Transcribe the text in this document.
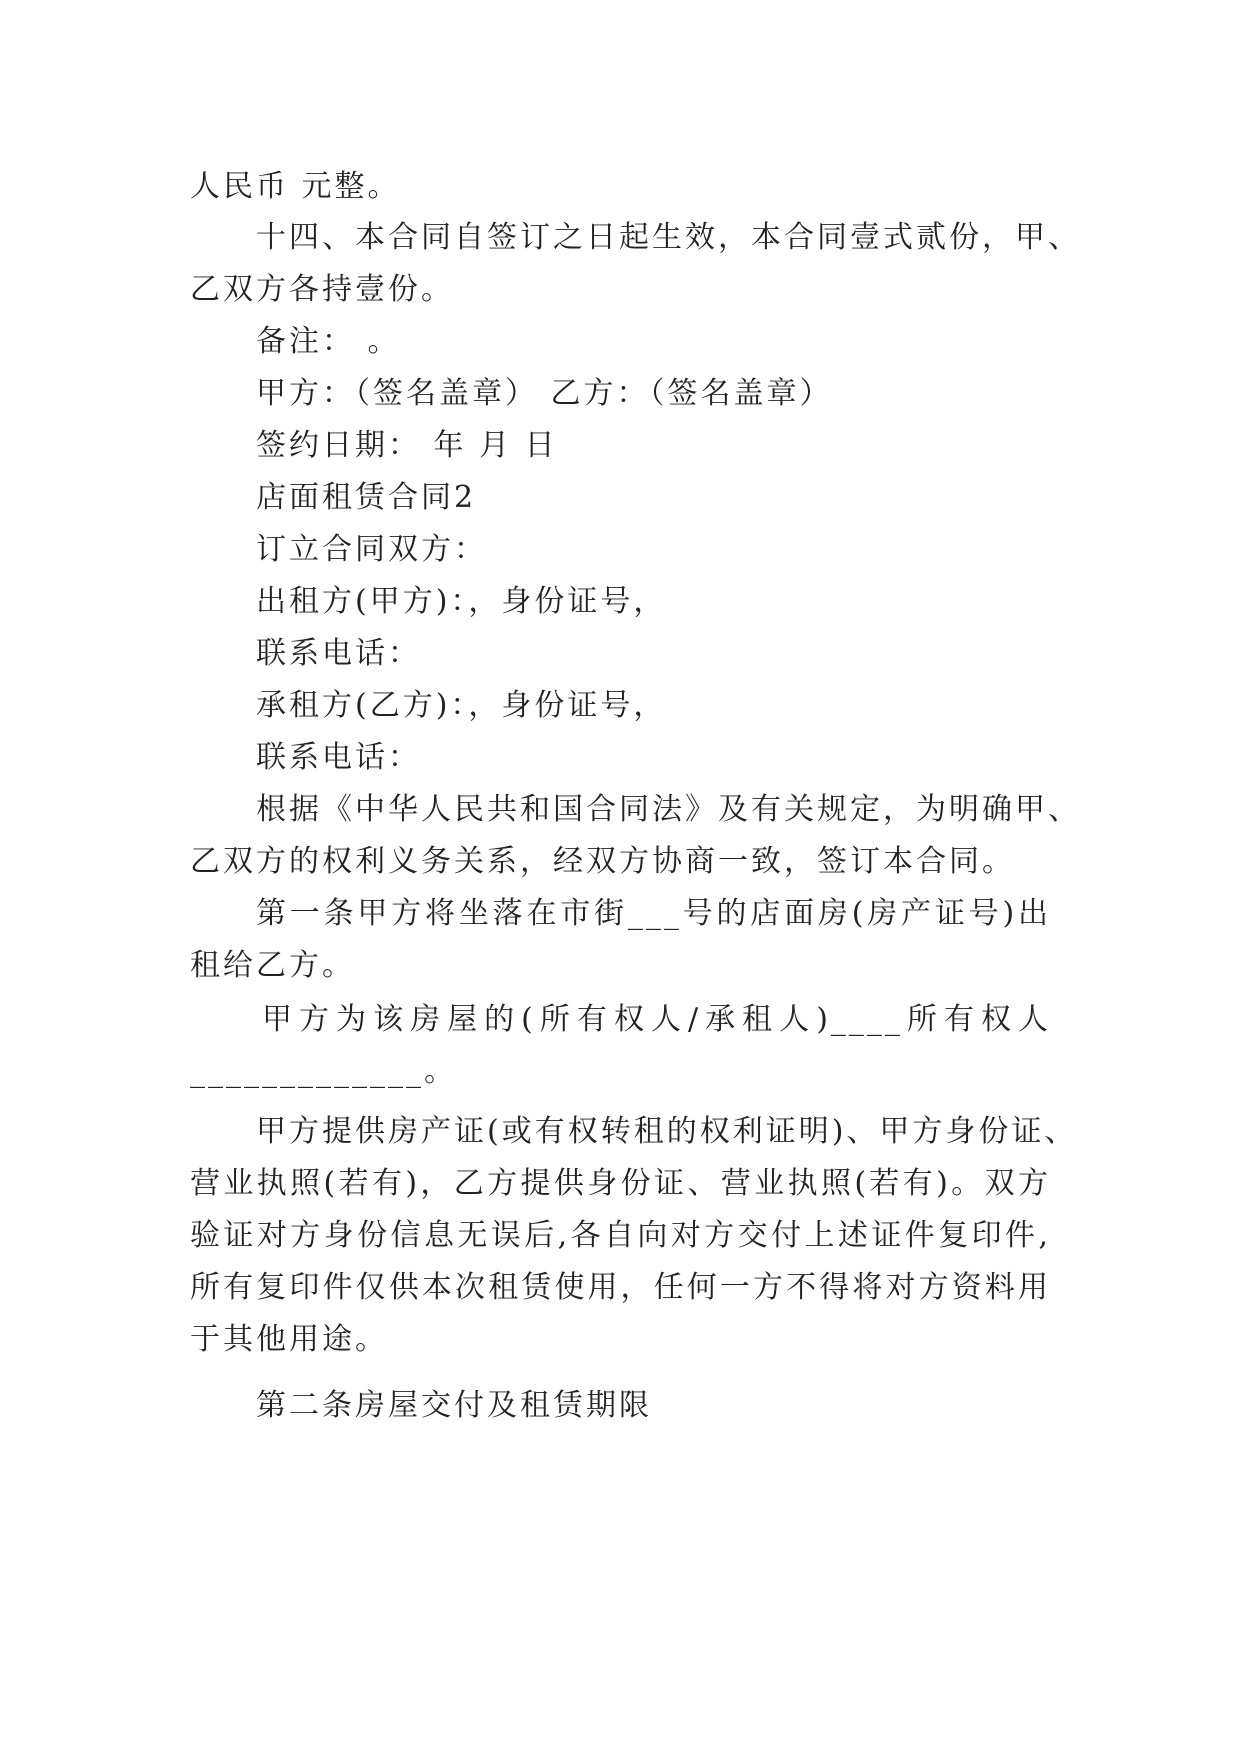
人民币 元整。
十四、本合同自签订之日起生效，本合同壹式贰份，甲、
乙双方各持壹份。
备注： 。
甲方：（签名盖章） 乙方：（签名盖章）
签约日期： 年 月 日
店面租赁合同2
订立合同双方：
出租方(甲方)：，身份证号，
联系电话：
承租方(乙方)：，身份证号，
联系电话：
根据《中华人民共和国合同法》及有关规定，为明确甲、
乙双方的权利义务关系，经双方协商一致，签订本合同。
第一条甲方将坐落在市街___号的店面房(房产证号)出
租给乙方。
甲方为该房屋的(所有权人/承租人)____所有权人
_____________。
甲方提供房产证(或有权转租的权利证明)、甲方身份证、
营业执照(若有)，乙方提供身份证、营业执照(若有)。双方
验证对方身份信息无误后,各自向对方交付上述证件复印件,
所有复印件仅供本次租赁使用，任何一方不得将对方资料用
于其他用途。
第二条房屋交付及租赁期限
